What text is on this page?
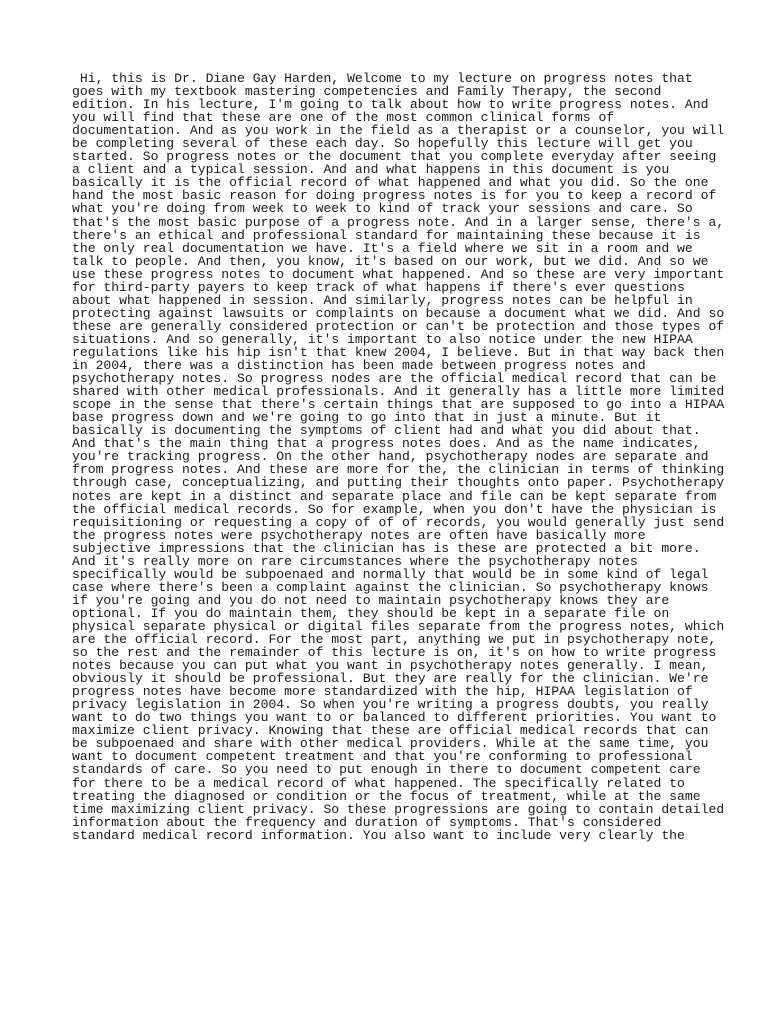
Hi, this is Dr. Diane Gay Harden, Welcome to my lecture on progress notes that
goes with my textbook mastering competencies and Family Therapy, the second
edition. In his lecture, I'm going to talk about how to write progress notes. And
you will find that these are one of the most common clinical forms of
documentation. And as you work in the field as a therapist or a counselor, you will
be completing several of these each day. So hopefully this lecture will get you
started. So progress notes or the document that you complete everyday after seeing
a client and a typical session. And and what happens in this document is you
basically it is the official record of what happened and what you did. So the one
hand the most basic reason for doing progress notes is for you to keep a record of
what you're doing from week to week to kind of track your sessions and care. So
that's the most basic purpose of a progress note. And in a larger sense, there's a,
there's an ethical and professional standard for maintaining these because it is
the only real documentation we have. It's a field where we sit in a room and we
talk to people. And then, you know, it's based on our work, but we did. And so we
use these progress notes to document what happened. And so these are very important
for third-party payers to keep track of what happens if there's ever questions
about what happened in session. And similarly, progress notes can be helpful in
protecting against lawsuits or complaints on because a document what we did. And so
these are generally considered protection or can't be protection and those types of
situations. And so generally, it's important to also notice under the new HIPAA
regulations like his hip isn't that knew 2004, I believe. But in that way back then
in 2004, there was a distinction has been made between progress notes and
psychotherapy notes. So progress nodes are the official medical record that can be
shared with other medical professionals. And it generally has a little more limited
scope in the sense that there's certain things that are supposed to go into a HIPAA
base progress down and we're going to go into that in just a minute. But it
basically is documenting the symptoms of client had and what you did about that.
And that's the main thing that a progress notes does. And as the name indicates,
you're tracking progress. On the other hand, psychotherapy nodes are separate and
from progress notes. And these are more for the, the clinician in terms of thinking
through case, conceptualizing, and putting their thoughts onto paper. Psychotherapy
notes are kept in a distinct and separate place and file can be kept separate from
the official medical records. So for example, when you don't have the physician is
requisitioning or requesting a copy of of of records, you would generally just send
the progress notes were psychotherapy notes are often have basically more
subjective impressions that the clinician has is these are protected a bit more.
And it's really more on rare circumstances where the psychotherapy notes
specifically would be subpoenaed and normally that would be in some kind of legal
case where there's been a complaint against the clinician. So psychotherapy knows
if you're going and you do not need to maintain psychotherapy knows they are
optional. If you do maintain them, they should be kept in a separate file on
physical separate physical or digital files separate from the progress notes, which
are the official record. For the most part, anything we put in psychotherapy note,
so the rest and the remainder of this lecture is on, it's on how to write progress
notes because you can put what you want in psychotherapy notes generally. I mean,
obviously it should be professional. But they are really for the clinician. We're
progress notes have become more standardized with the hip, HIPAA legislation of
privacy legislation in 2004. So when you're writing a progress doubts, you really
want to do two things you want to or balanced to different priorities. You want to
maximize client privacy. Knowing that these are official medical records that can
be subpoenaed and share with other medical providers. While at the same time, you
want to document competent treatment and that you're conforming to professional
standards of care. So you need to put enough in there to document competent care
for there to be a medical record of what happened. The specifically related to
treating the diagnosed or condition or the focus of treatment, while at the same
time maximizing client privacy. So these progressions are going to contain detailed
information about the frequency and duration of symptoms. That's considered
standard medical record information. You also want to include very clearly the
